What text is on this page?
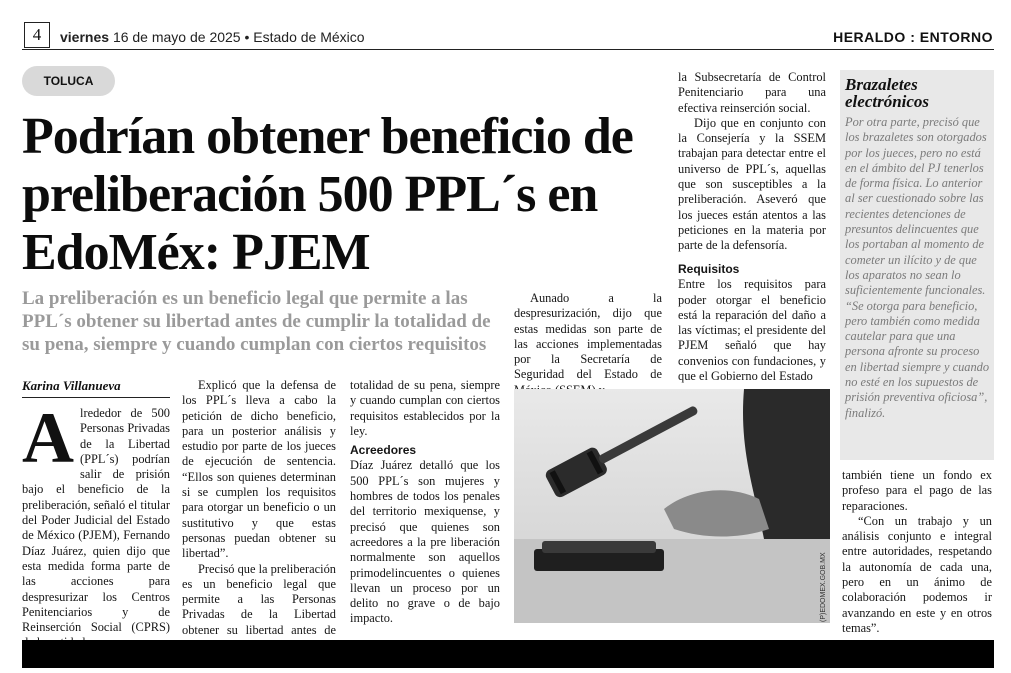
4	viernes 16 de mayo de 2025 • Estado de México	HERALDO : ENTORNO
TOLUCA
Podrían obtener beneficio de preliberación 500 PPL´s en EdoMéx: PJEM
La preliberación es un beneficio legal que permite a las PPL´s obtener su libertad antes de cumplir la totalidad de su pena, siempre y cuando cumplan con ciertos requisitos
Karina Villanueva
A lrededor de 500 Personas Privadas de la Libertad (PPL´s) podrían salir de prisión bajo el beneficio de la preliberación, señaló el titular del Poder Judicial del Estado de México (PJEM), Fernando Díaz Juárez, quien dijo que esta medida forma parte de las acciones para despresurizar los Centros Penitenciarios y de Reinserción Social (CPRS)

Explicó que la defensa de los PPL´s lleva a cabo la petición de dicho beneficio, para un posterior análisis y estudio por parte de los jueces de ejecución de sentencia. “Ellos son quienes determinan si se cumplen los requisitos para otorgar un beneficio o un sustitutivo y que estas personas puedan obtener su libertad”.

Precisó que la preliberación es un beneficio legal que permite a las Personas Privadas de la Libertad obtener su libertad antes de

totalidad de su pena, siempre y cuando cumplan con ciertos requisitos establecidos por la ley.

Acreedores

Díaz Juárez detalló que los 500 PPL´s son mujeres y hombres de todos los penales del territorio mexiquense, y precisó que quienes son acreedores a la pre liberación normalmente son aquellos primodelincuentes o quienes llevan un proceso por un delito no grave o de bajo impacto.

Aunado a la despresurización, dijo que estas medidas son parte de las acciones implementadas por la Secretaría de Seguridad del Estado de

la Subsecretaría de Control Penitenciario para una efectiva reinserción social.

Dijo que en conjunto con la Consejería y la SSEM trabajan para detectar entre el universo de PPL´s, aquellas que son susceptibles a la preliberación. Aseveró que los jueces están atentos a las peticiones en la materia por parte de la defensoría.

Requisitos

Entre los requisitos para poder otorgar el beneficio está la reparación del daño a las víctimas; el presidente del PJEM señaló que hay convenios con fundaciones, y que el Gobierno del Estado

Brazaletes electrónicos
Por otra parte, precisó que los brazaletes son otorgados por los jueces, pero no está en el ámbito del PJ tenerlos de forma física. Lo anterior al ser cuestionado sobre las recientes detenciones de presuntos delincuentes que los portaban al momento de cometer un ilícito y de que los aparatos no sean lo suficientemente funcionales. “Se otorga para beneficio, pero también como medida cautelar para que una persona afronte su proceso en libertad siempre y cuando no esté en los supuestos de prisión preventiva oficiosa”, finalizó.

también tiene un fondo ex profeso para el pago de las reparaciones.

“Con un trabajo y un análisis conjunto e integral entre autoridades, respetando la autonomía de cada una, pero en un ánimo de colaboración podemos ir avanzando en este y en otros temas”.

(P)EDOMEX.GOB.MX
